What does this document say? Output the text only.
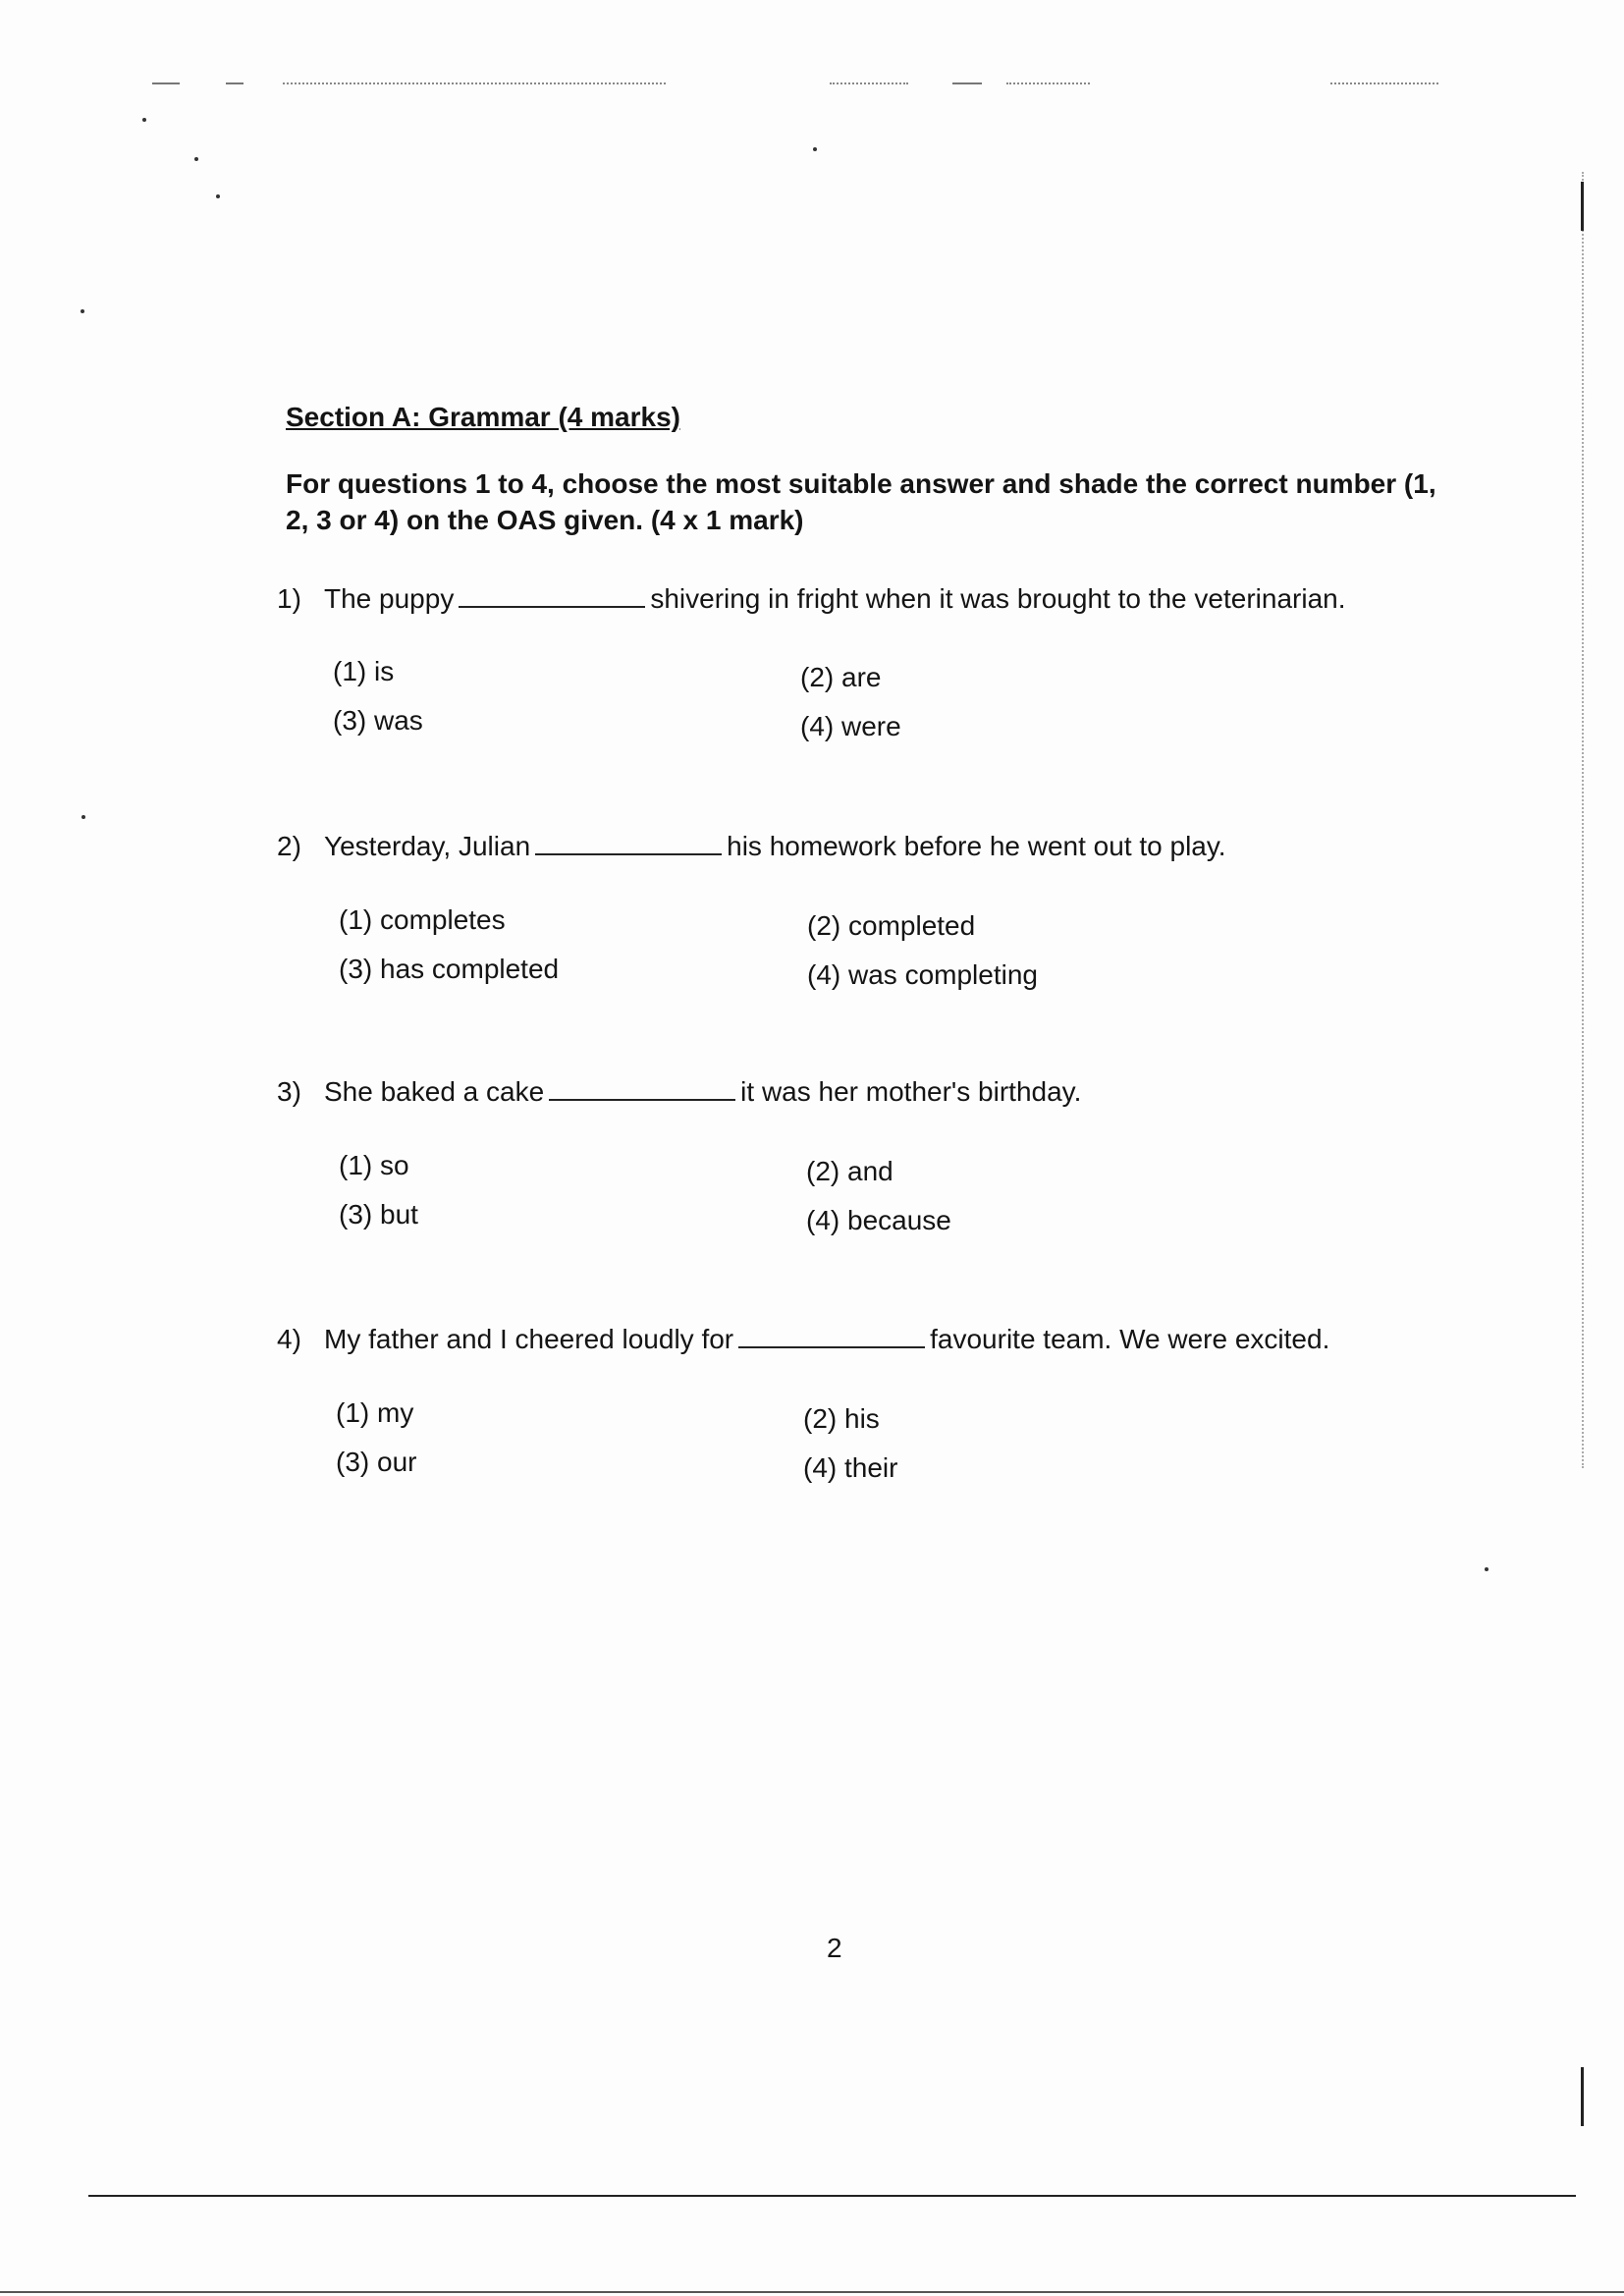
Section A: Grammar (4 marks)
For questions 1 to 4, choose the most suitable answer and shade the correct number (1, 2, 3 or 4) on the OAS given. (4 x 1 mark)
1) The puppy	shivering in fright when it was brought to the veterinarian.
(1) is	(2) are
(3) was	(4) were
2) Yesterday, Julian	his homework before he went out to play.
(1) completes	(2) completed
(3) has completed	(4) was completing
3) She baked a cake	it was her mother's birthday.
(1) so	(2) and
(3) but	(4) because
4) My father and I cheered loudly for	favourite team. We were excited.
(1) my	(2) his
(3) our	(4) their
2
